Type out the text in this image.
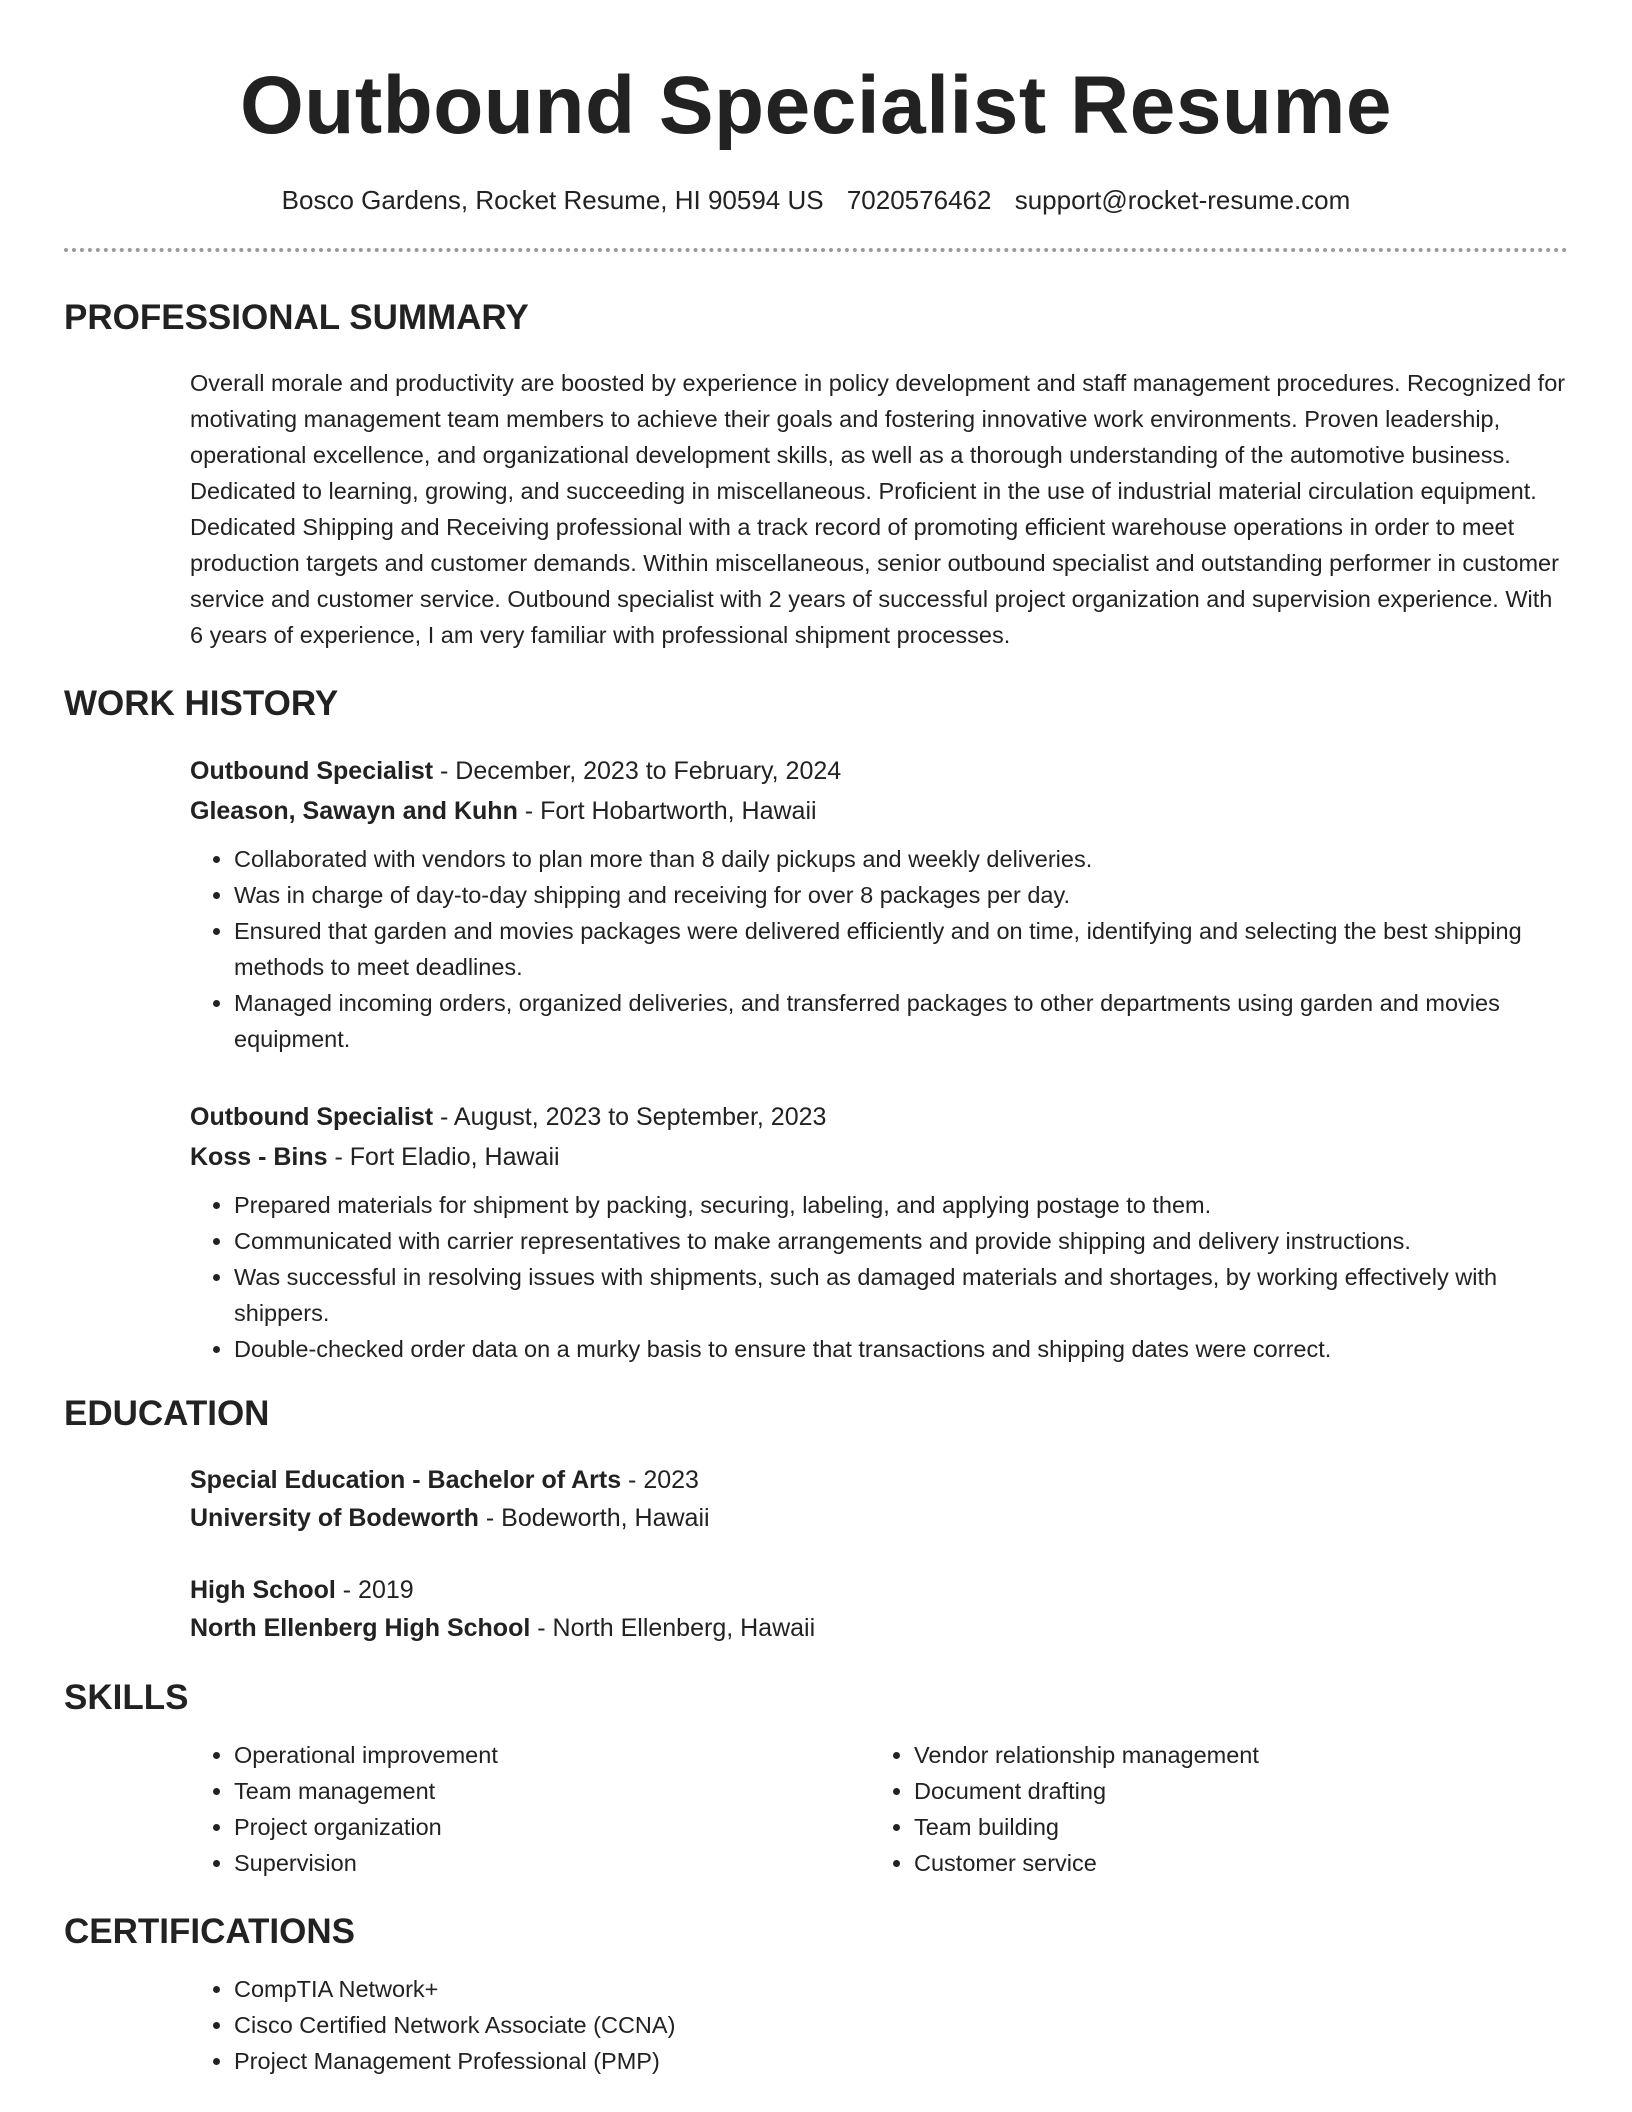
Outbound Specialist Resume
Bosco Gardens, Rocket Resume, HI 90594 US 7020576462 support@rocket-resume.com
PROFESSIONAL SUMMARY
Overall morale and productivity are boosted by experience in policy development and staff management procedures. Recognized for motivating management team members to achieve their goals and fostering innovative work environments. Proven leadership, operational excellence, and organizational development skills, as well as a thorough understanding of the automotive business. Dedicated to learning, growing, and succeeding in miscellaneous. Proficient in the use of industrial material circulation equipment. Dedicated Shipping and Receiving professional with a track record of promoting efficient warehouse operations in order to meet production targets and customer demands. Within miscellaneous, senior outbound specialist and outstanding performer in customer service and customer service. Outbound specialist with 2 years of successful project organization and supervision experience. With 6 years of experience, I am very familiar with professional shipment processes.
WORK HISTORY
Outbound Specialist - December, 2023 to February, 2024
Gleason, Sawayn and Kuhn - Fort Hobartworth, Hawaii
• Collaborated with vendors to plan more than 8 daily pickups and weekly deliveries.
• Was in charge of day-to-day shipping and receiving for over 8 packages per day.
• Ensured that garden and movies packages were delivered efficiently and on time, identifying and selecting the best shipping methods to meet deadlines.
• Managed incoming orders, organized deliveries, and transferred packages to other departments using garden and movies equipment.
Outbound Specialist - August, 2023 to September, 2023
Koss - Bins - Fort Eladio, Hawaii
• Prepared materials for shipment by packing, securing, labeling, and applying postage to them.
• Communicated with carrier representatives to make arrangements and provide shipping and delivery instructions.
• Was successful in resolving issues with shipments, such as damaged materials and shortages, by working effectively with shippers.
• Double-checked order data on a murky basis to ensure that transactions and shipping dates were correct.
EDUCATION
Special Education - Bachelor of Arts - 2023
University of Bodeworth - Bodeworth, Hawaii
High School - 2019
North Ellenberg High School - North Ellenberg, Hawaii
SKILLS
• Operational improvement
• Team management
• Project organization
• Supervision
• Vendor relationship management
• Document drafting
• Team building
• Customer service
CERTIFICATIONS
• CompTIA Network+
• Cisco Certified Network Associate (CCNA)
• Project Management Professional (PMP)
